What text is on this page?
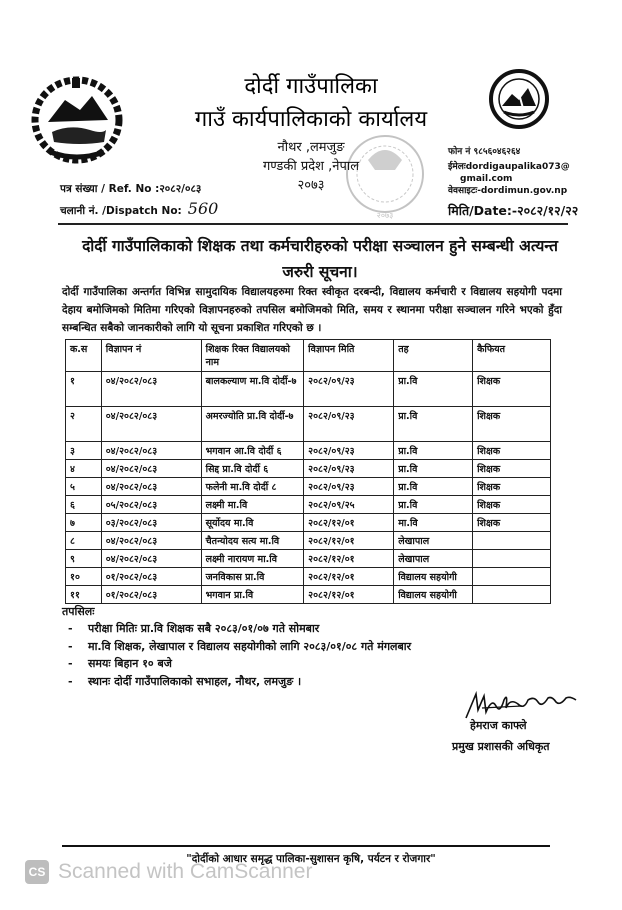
२०७३
दोर्दी गाउँपालिका
गाउँ कार्यपालिकाको कार्यालय
नौथर ,लमजुङ
गण्डकी प्रदेश ,नेपाल
२०७३
फोन नं ९८५६०४६२६४
ईमेलःdordigaupalika073@
gmail.com
वेवसाइटः-dordimun.gov.np
पत्र संख्या / Ref. No :२०८२/०८३
चलानी नं. /Dispatch No: 560	मिति/Date:-२०८२/१२/२२
दोर्दी गाउँपालिकाको शिक्षक तथा कर्मचारीहरुको परीक्षा सञ्चालन हुने सम्बन्धी अत्यन्त
जरुरी सूचना।
दोर्दी गाउँपालिका अन्तर्गत विभिन्न सामुदायिक विद्यालयहरुमा रिक्त स्वीकृत दरबन्दी, विद्यालय कर्मचारी र विद्यालय सहयोगी पदमा देहाय बमोजिमको मितिमा गरिएको विज्ञापनहरुको तपसिल बमोजिमको मिति, समय र स्थानमा परीक्षा सञ्चालन गरिने भएको हुँदा सम्बन्धित सबैको जानकारीको लागि यो सूचना प्रकाशित गरिएको छ ।
क.स	विज्ञापन नं	शिक्षक रिक्त विद्यालयको नाम	विज्ञापन मिति	तह	कैफियत
१	०४/२०८२/०८३	बालकल्याण मा.वि दोर्दी-७	२०८२/०९/२३	प्रा.वि	शिक्षक
२	०४/२०८२/०८३	अमरज्योति प्रा.वि दोर्दी-७	२०८२/०९/२३	प्रा.वि	शिक्षक
३	०४/२०८२/०८३	भगवान आ.वि दोर्दी ६	२०८२/०९/२३	प्रा.वि	शिक्षक
४	०४/२०८२/०८३	सिद्द प्रा.वि दोर्दी ६	२०८२/०९/२३	प्रा.वि	शिक्षक
५	०४/२०८२/०८३	फलेनी मा.वि दोर्दी ८	२०८२/०९/२३	प्रा.वि	शिक्षक
६	०५/२०८२/०८३	लक्ष्मी मा.वि	२०८२/०९/२५	प्रा.वि	शिक्षक
७	०३/२०८२/०८३	सूर्योदय मा.वि	२०८२/१२/०१	मा.वि	शिक्षक
८	०४/२०८२/०८३	चैतन्योदय सत्य मा.वि	२०८२/१२/०१	लेखापाल	
९	०४/२०८२/०८३	लक्ष्मी नारायण मा.वि	२०८२/१२/०१	लेखापाल	
१०	०१/२०८२/०८३	जनविकास प्रा.वि	२०८२/१२/०१	विद्यालय सहयोगी	
११	०१/२०८२/०८३	भगवान प्रा.वि	२०८२/१२/०१	विद्यालय सहयोगी	
तपसिलः
- परीक्षा मितिः प्रा.वि शिक्षक सबै २०८३/०१/०७ गते सोमबार
- मा.वि शिक्षक, लेखापाल र विद्यालय सहयोगीको लागि २०८३/०१/०८ गते मंगलबार
- समयः बिहान १० बजे
- स्थानः दोर्दी गाउँपालिकाको सभाहल, नौथर, लमजुङ ।
हेमराज काफ्ले
प्रमुख प्रशासकी अधिकृत
"दोर्दीको आधार समृद्ध पालिका-सुशासन कृषि, पर्यटन र रोजगार"
CS Scanned with CamScanner
